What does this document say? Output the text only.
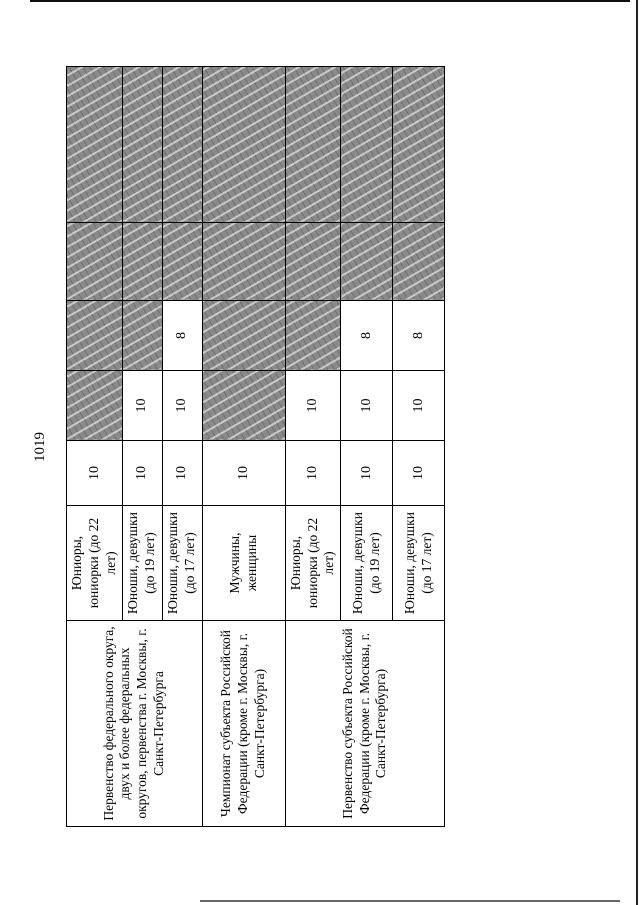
1019
Первенство федерального округа, двух и более федеральных округов, первенства г. Москвы, г. Санкт-Петербурга	Юниоры, юниорки (до 22 лет)	10				
	Юноши, девушки (до 19 лет)	10	10			
	Юноши, девушки (до 17 лет)	10	10	8		
Чемпионат субъекта Российской Федерации (кроме г. Москвы, г. Санкт-Петербурга)	Мужчины, женщины	10				
Первенство субъекта Российской Федерации (кроме г. Москвы, г. Санкт-Петербурга)	Юниоры, юниорки (до 22 лет)	10	10			
	Юноши, девушки (до 19 лет)	10	10	8		
	Юноши, девушки (до 17 лет)	10	10	8		
